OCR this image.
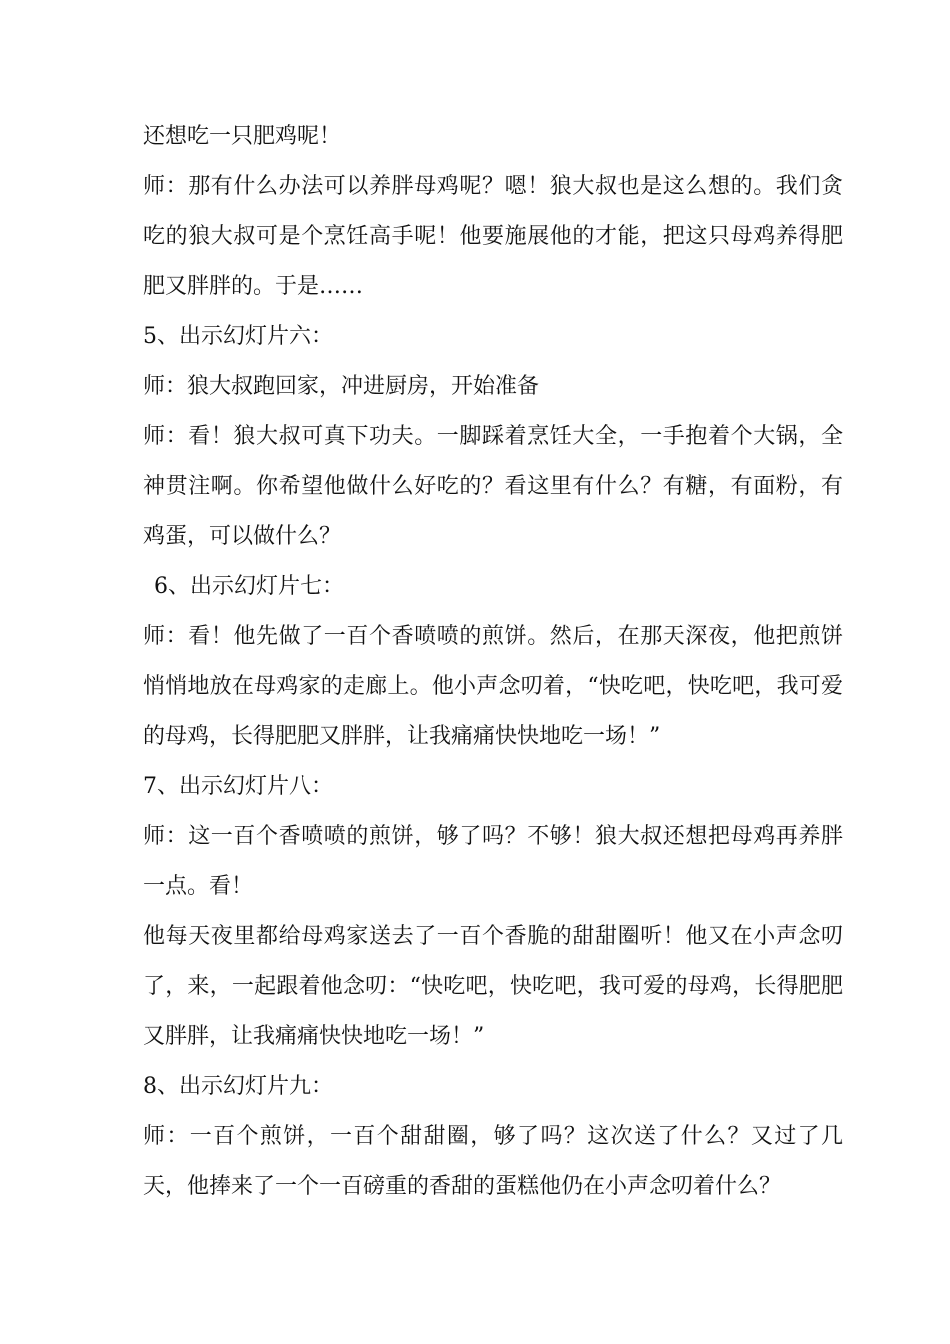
还想吃一只肥鸡呢！

师：那有什么办法可以养胖母鸡呢？嗯！狼大叔也是这么想的。我们贪吃的狼大叔可是个烹饪高手呢！他要施展他的才能，把这只母鸡养得肥肥又胖胖的。于是……

5、出示幻灯片六：

师：狼大叔跑回家，冲进厨房，开始准备

师：看！狼大叔可真下功夫。一脚踩着烹饪大全，一手抱着个大锅，全神贯注啊。你希望他做什么好吃的？看这里有什么？有糖，有面粉，有鸡蛋，可以做什么？

6、出示幻灯片七：

师：看！他先做了一百个香喷喷的煎饼。然后，在那天深夜，他把煎饼悄悄地放在母鸡家的走廊上。他小声念叨着，“快吃吧，快吃吧，我可爱的母鸡，长得肥肥又胖胖，让我痛痛快快地吃一场！”

7、出示幻灯片八：

师：这一百个香喷喷的煎饼，够了吗？不够！狼大叔还想把母鸡再养胖一点。看！

他每天夜里都给母鸡家送去了一百个香脆的甜甜圈听！他又在小声念叨了，来，一起跟着他念叨：“快吃吧，快吃吧，我可爱的母鸡，长得肥肥又胖胖，让我痛痛快快地吃一场！”

8、出示幻灯片九：

师：一百个煎饼，一百个甜甜圈，够了吗？这次送了什么？又过了几天，他捧来了一个一百磅重的香甜的蛋糕他仍在小声念叨着什么？
